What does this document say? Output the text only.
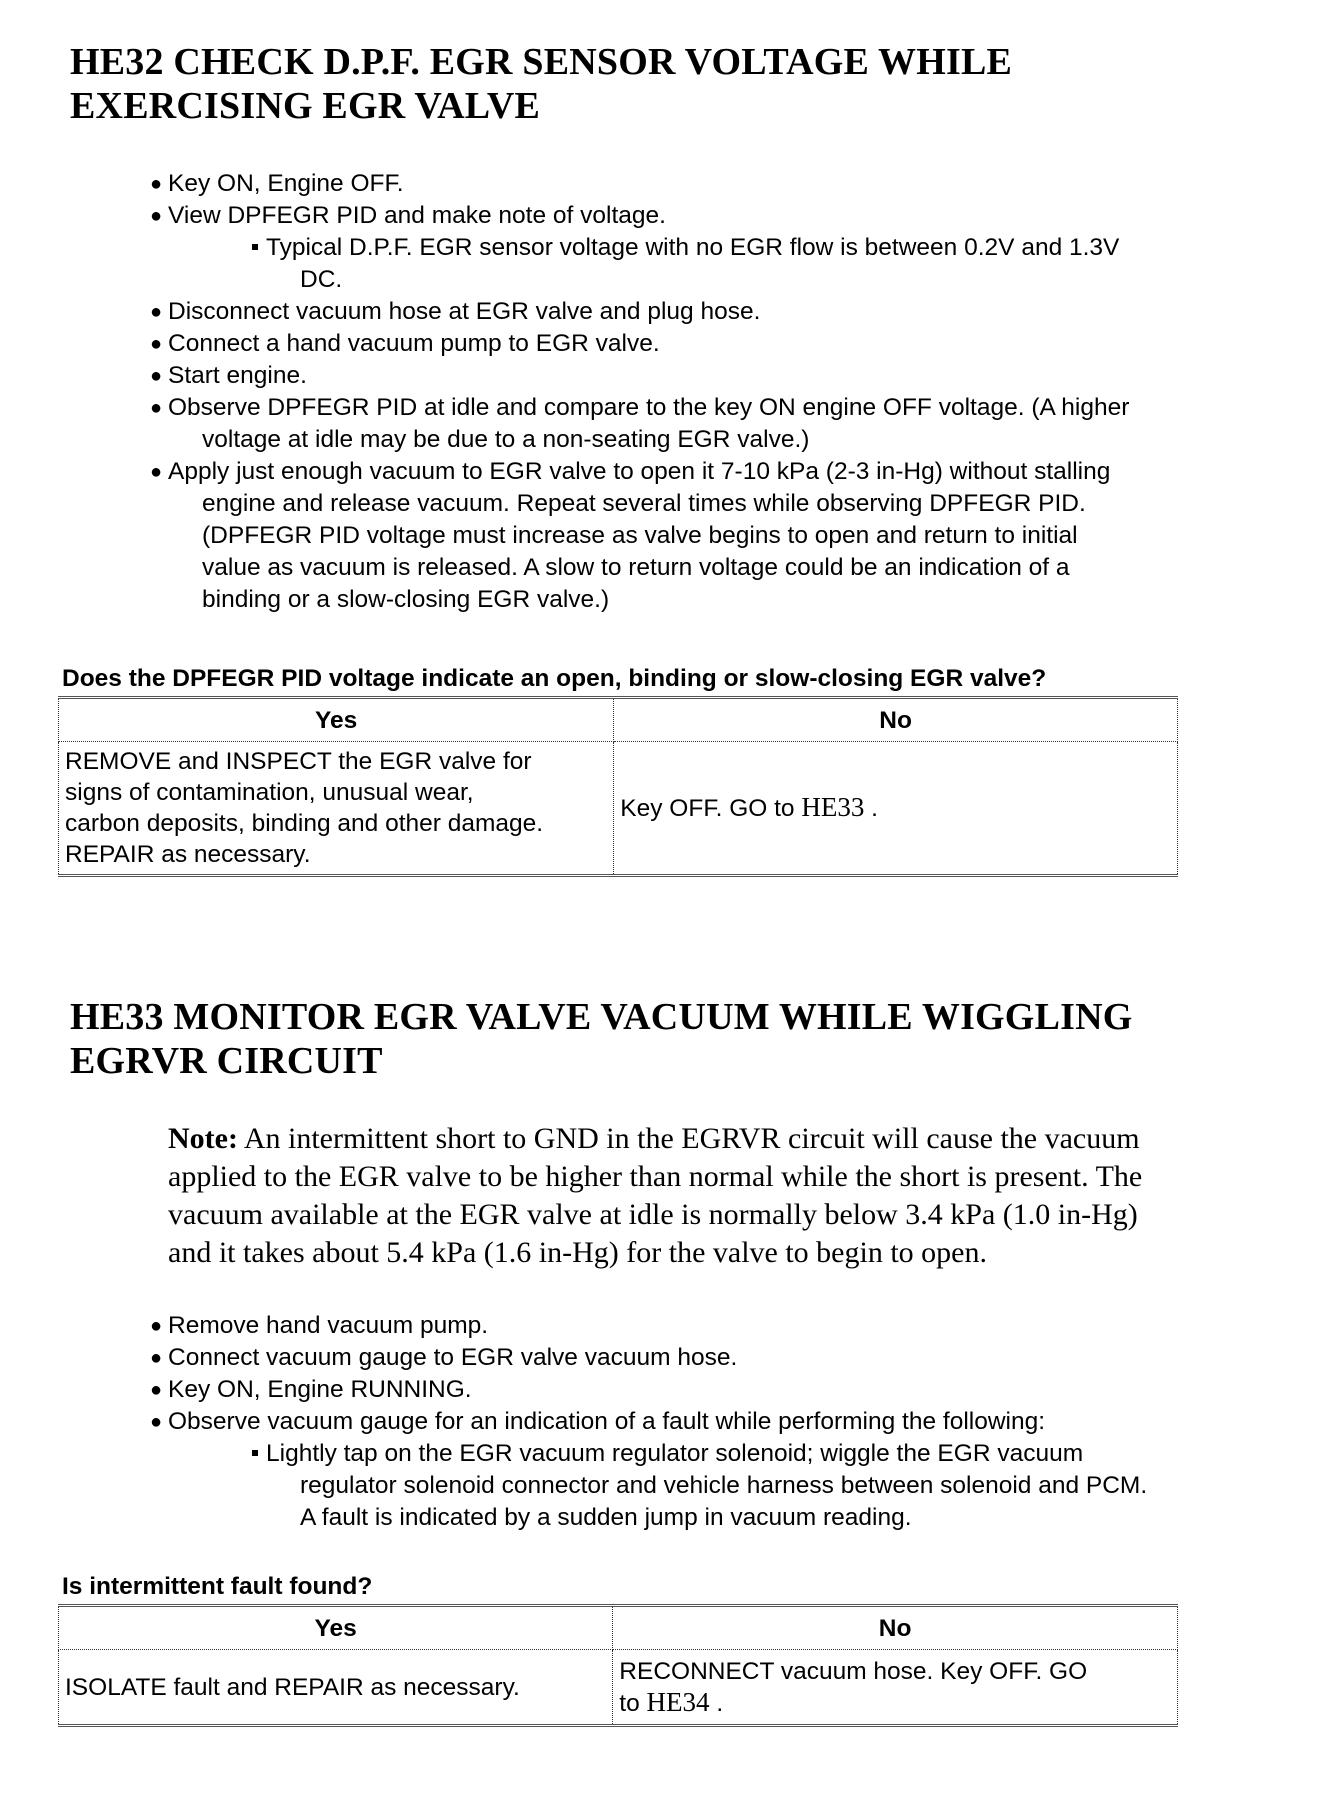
HE32 CHECK D.P.F. EGR SENSOR VOLTAGE WHILE
EXERCISING EGR VALVE
● Key ON, Engine OFF.
● View DPFEGR PID and make note of voltage.
Typical D.P.F. EGR sensor voltage with no EGR flow is between 0.2V and 1.3V
DC.
● Disconnect vacuum hose at EGR valve and plug hose.
● Connect a hand vacuum pump to EGR valve.
● Start engine.
● Observe DPFEGR PID at idle and compare to the key ON engine OFF voltage. (A higher
voltage at idle may be due to a non-seating EGR valve.)
● Apply just enough vacuum to EGR valve to open it 7-10 kPa (2-3 in-Hg) without stalling
engine and release vacuum. Repeat several times while observing DPFEGR PID.
(DPFEGR PID voltage must increase as valve begins to open and return to initial
value as vacuum is released. A slow to return voltage could be an indication of a
binding or a slow-closing EGR valve.)

Does the DPFEGR PID voltage indicate an open, binding or slow-closing EGR valve?

Yes	No
REMOVE and INSPECT the EGR valve for
signs of contamination, unusual wear,
carbon deposits, binding and other damage.
REPAIR as necessary.	Key OFF. GO to HE33 .
HE33 MONITOR EGR VALVE VACUUM WHILE WIGGLING
EGRVR CIRCUIT

Note: An intermittent short to GND in the EGRVR circuit will cause the vacuum
applied to the EGR valve to be higher than normal while the short is present. The
vacuum available at the EGR valve at idle is normally below 3.4 kPa (1.0 in-Hg)
and it takes about 5.4 kPa (1.6 in-Hg) for the valve to begin to open.

● Remove hand vacuum pump.
● Connect vacuum gauge to EGR valve vacuum hose.
● Key ON, Engine RUNNING.
● Observe vacuum gauge for an indication of a fault while performing the following:
Lightly tap on the EGR vacuum regulator solenoid; wiggle the EGR vacuum
regulator solenoid connector and vehicle harness between solenoid and PCM.
A fault is indicated by a sudden jump in vacuum reading.

Is intermittent fault found?

Yes	No
ISOLATE fault and REPAIR as necessary.	RECONNECT vacuum hose. Key OFF. GO
to HE34 .
